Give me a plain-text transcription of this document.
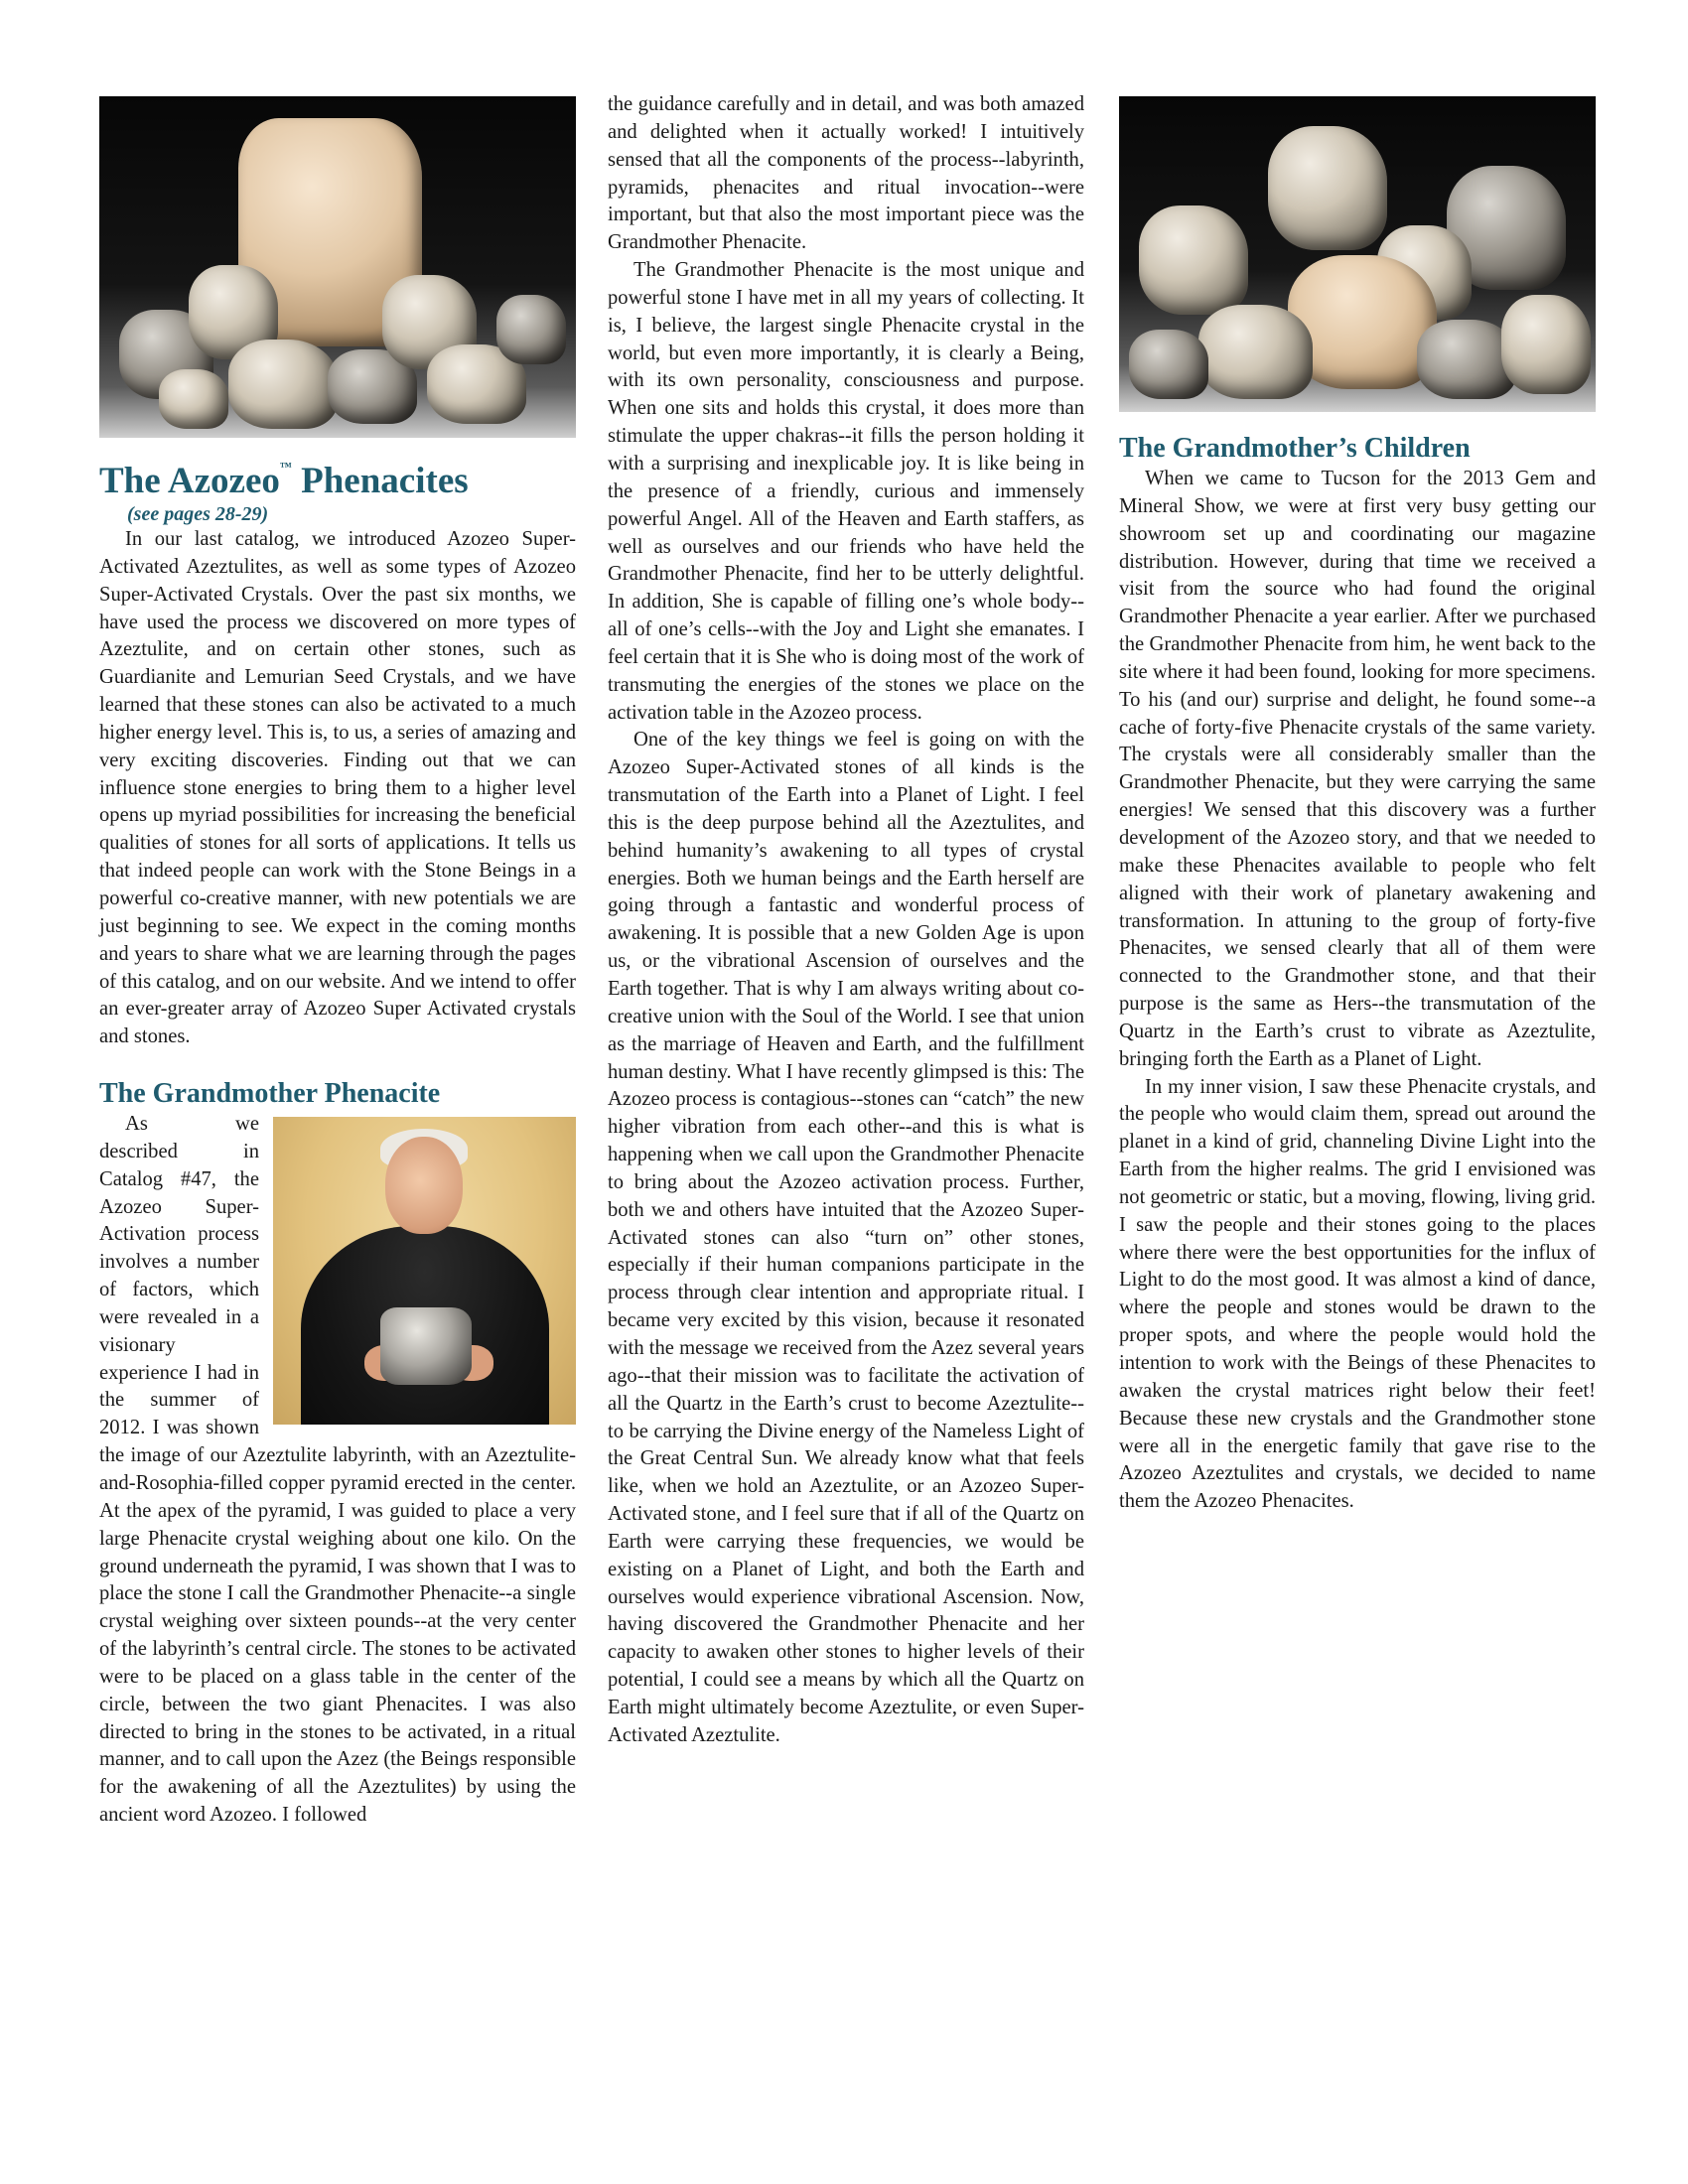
The Azozeo™ Phenacites
(see pages 28-29)

In our last catalog, we introduced Azozeo Super-Activated Azeztulites, as well as some types of Azozeo Super-Activated Crystals. Over the past six months, we have used the process we discovered on more types of Azeztulite, and on certain other stones, such as Guardianite and Lemurian Seed Crystals, and we have learned that these stones can also be activated to a much higher energy level. This is, to us, a series of amazing and very exciting discoveries. Finding out that we can influence stone energies to bring them to a higher level opens up myriad possibilities for increasing the beneficial qualities of stones for all sorts of applications. It tells us that indeed people can work with the Stone Beings in a powerful co-creative manner, with new potentials we are just beginning to see. We expect in the coming months and years to share what we are learning through the pages of this catalog, and on our website. And we intend to offer an ever-greater array of Azozeo Super Activated crystals and stones.

The Grandmother Phenacite

As we described in Catalog #47, the Azozeo Super-Activation process involves a number of factors, which were revealed in a visionary experience I had in the summer of 2012. I was shown the image of our Azeztulite labyrinth, with an Azeztulite-and-Rosophia-filled copper pyramid erected in the center. At the apex of the pyramid, I was guided to place a very large Phenacite crystal weighing about one kilo. On the ground underneath the pyramid, I was shown that I was to place the stone I call the Grandmother Phenacite--a single crystal weighing over sixteen pounds--at the very center of the labyrinth’s central circle. The stones to be activated were to be placed on a glass table in the center of the circle, between the two giant Phenacites. I was also directed to bring in the stones to be activated, in a ritual manner, and to call upon the Azez (the Beings responsible for the awakening of all the Azeztulites) by using the ancient word Azozeo. I followed

the guidance carefully and in detail, and was both amazed and delighted when it actually worked! I intuitively sensed that all the components of the process--labyrinth, pyramids, phenacites and ritual invocation--were important, but that also the most important piece was the Grandmother Phenacite.

The Grandmother Phenacite is the most unique and powerful stone I have met in all my years of collecting. It is, I believe, the largest single Phenacite crystal in the world, but even more importantly, it is clearly a Being, with its own personality, consciousness and purpose. When one sits and holds this crystal, it does more than stimulate the upper chakras--it fills the person holding it with a surprising and inexplicable joy. It is like being in the presence of a friendly, curious and immensely powerful Angel. All of the Heaven and Earth staffers, as well as ourselves and our friends who have held the Grandmother Phenacite, find her to be utterly delightful. In addition, She is capable of filling one’s whole body--all of one’s cells--with the Joy and Light she emanates. I feel certain that it is She who is doing most of the work of transmuting the energies of the stones we place on the activation table in the Azozeo process.

One of the key things we feel is going on with the Azozeo Super-Activated stones of all kinds is the transmutation of the Earth into a Planet of Light. I feel this is the deep purpose behind all the Azeztulites, and behind humanity’s awakening to all types of crystal energies. Both we human beings and the Earth herself are going through a fantastic and wonderful process of awakening. It is possible that a new Golden Age is upon us, or the vibrational Ascension of ourselves and the Earth together. That is why I am always writing about co-creative union with the Soul of the World. I see that union as the marriage of Heaven and Earth, and the fulfillment human destiny. What I have recently glimpsed is this: The Azozeo process is contagious--stones can “catch” the new higher vibration from each other--and this is what is happening when we call upon the Grandmother Phenacite to bring about the Azozeo activation process. Further, both we and others have intuited that the Azozeo Super-Activated stones can also “turn on” other stones, especially if their human companions participate in the process through clear intention and appropriate ritual. I became very excited by this vision, because it resonated with the message we received from the Azez several years ago--that their mission was to facilitate the activation of all the Quartz in the Earth’s crust to become Azeztulite--to be carrying the Divine energy of the Nameless Light of the Great Central Sun. We already know what that feels like, when we hold an Azeztulite, or an Azozeo Super-Activated stone, and I feel sure that if all of the Quartz on Earth were carrying these frequencies, we would be existing on a Planet of Light, and both the Earth and ourselves would experience vibrational Ascension. Now, having discovered the Grandmother Phenacite and her capacity to awaken other stones to higher levels of their potential, I could see a means by which all the Quartz on Earth might ultimately become Azeztulite, or even Super-Activated Azeztulite.

The Grandmother’s Children

When we came to Tucson for the 2013 Gem and Mineral Show, we were at first very busy getting our showroom set up and coordinating our magazine distribution. However, during that time we received a visit from the source who had found the original Grandmother Phenacite a year earlier. After we purchased the Grandmother Phenacite from him, he went back to the site where it had been found, looking for more specimens. To his (and our) surprise and delight, he found some--a cache of forty-five Phenacite crystals of the same variety. The crystals were all considerably smaller than the Grandmother Phenacite, but they were carrying the same energies! We sensed that this discovery was a further development of the Azozeo story, and that we needed to make these Phenacites available to people who felt aligned with their work of planetary awakening and transformation. In attuning to the group of forty-five Phenacites, we sensed clearly that all of them were connected to the Grandmother stone, and that their purpose is the same as Hers--the transmutation of the Quartz in the Earth’s crust to vibrate as Azeztulite, bringing forth the Earth as a Planet of Light.

In my inner vision, I saw these Phenacite crystals, and the people who would claim them, spread out around the planet in a kind of grid, channeling Divine Light into the Earth from the higher realms. The grid I envisioned was not geometric or static, but a moving, flowing, living grid. I saw the people and their stones going to the places where there were the best opportunities for the influx of Light to do the most good. It was almost a kind of dance, where the people and stones would be drawn to the proper spots, and where the people would hold the intention to work with the Beings of these Phenacites to awaken the crystal matrices right below their feet! Because these new crystals and the Grandmother stone were all in the energetic family that gave rise to the Azozeo Azeztulites and crystals, we decided to name them the Azozeo Phenacites.
